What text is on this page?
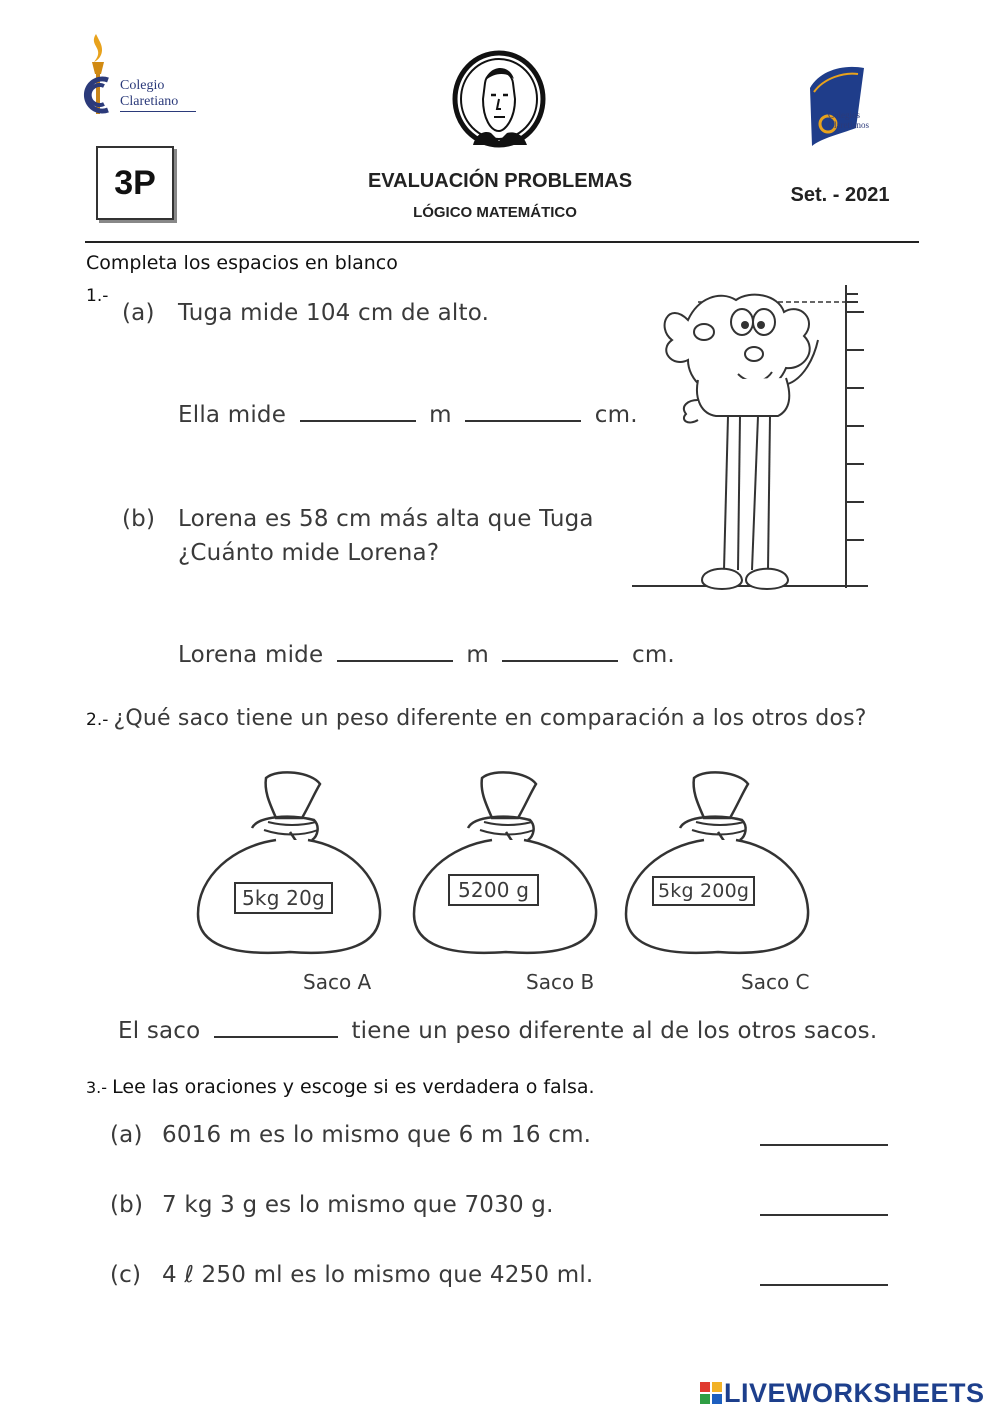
Colegio
Claretiano
Colegios
Claretianos
3P	EVALUACIÓN PROBLEMAS
LÓGICO MATEMÁTICO
Set. - 2021
Completa los espacios en blanco
1.-
(a) Tuga mide 104 cm de alto.
Ella mide	m	cm.
(b) Lorena es 58 cm más alta que Tuga
¿Cuánto mide Lorena?
Lorena mide	m	cm.
2.- ¿Qué saco tiene un peso diferente en comparación a los otros dos?
5kg 20g
Saco A
5200 g
Saco B
5kg 200g
Saco C
El saco	tiene un peso diferente al de los otros sacos.
3.- Lee las oraciones y escoge si es verdadera o falsa.
(a) 6016 m es lo mismo que 6 m 16 cm.
(b) 7 kg 3 g es lo mismo que 7030 g.
(c) 4 ℓ 250 ml es lo mismo que 4250 ml.
LIVEWORKSHEETS
